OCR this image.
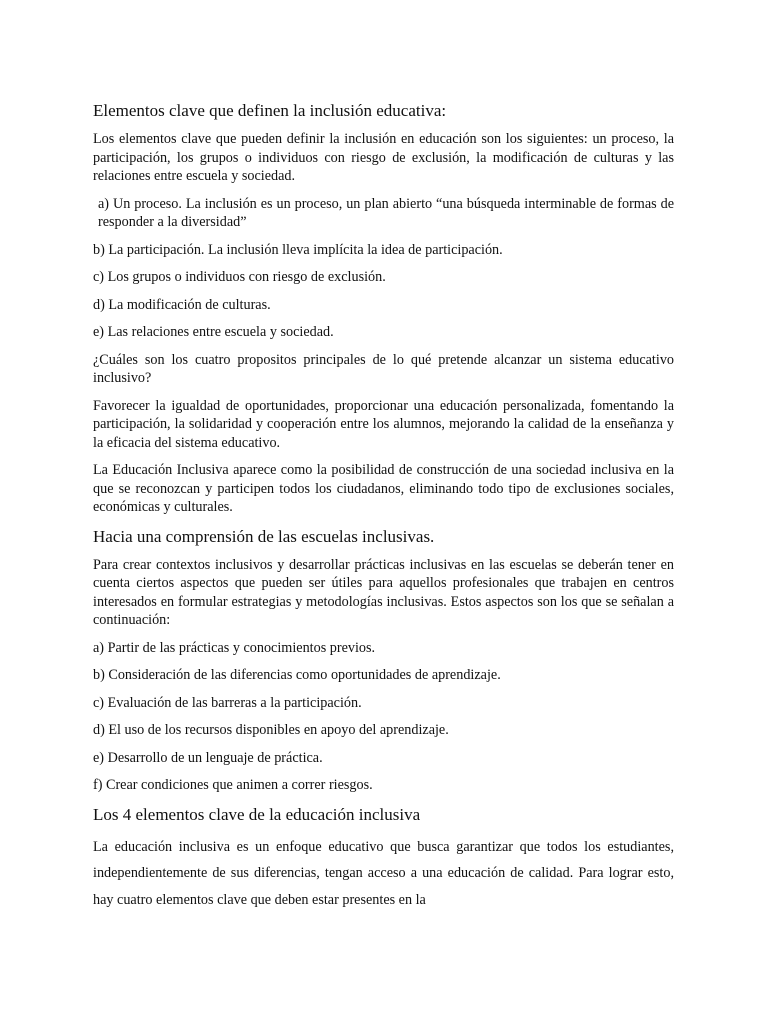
Elementos clave que definen la inclusión educativa:
Los elementos clave que pueden definir la inclusión en educación son los siguientes: un proceso, la participación, los grupos o individuos con riesgo de exclusión, la modificación de culturas y las relaciones entre escuela y sociedad.
a) Un proceso. La inclusión es un proceso, un plan abierto “una búsqueda interminable de formas de responder a la diversidad”
b) La participación. La inclusión lleva implícita la idea de participación.
c) Los grupos o individuos con riesgo de exclusión.
d) La modificación de culturas.
e) Las relaciones entre escuela y sociedad.
¿Cuáles son los cuatro propositos principales de lo qué pretende alcanzar un sistema educativo inclusivo?
Favorecer la igualdad de oportunidades, proporcionar una educación personalizada, fomentando la participación, la solidaridad y cooperación entre los alumnos, mejorando la calidad de la enseñanza y la eficacia del sistema educativo.
La Educación Inclusiva aparece como la posibilidad de construcción de una sociedad inclusiva en la que se reconozcan y participen todos los ciudadanos, eliminando todo tipo de exclusiones sociales, económicas y culturales.
Hacia una comprensión de las escuelas inclusivas.
Para crear contextos inclusivos y desarrollar prácticas inclusivas en las escuelas se deberán tener en cuenta ciertos aspectos que pueden ser útiles para aquellos profesionales que trabajen en centros interesados en formular estrategias y metodologías inclusivas. Estos aspectos son los que se señalan a continuación:
a) Partir de las prácticas y conocimientos previos.
b) Consideración de las diferencias como oportunidades de aprendizaje.
c) Evaluación de las barreras a la participación.
d) El uso de los recursos disponibles en apoyo del aprendizaje.
e) Desarrollo de un lenguaje de práctica.
f) Crear condiciones que animen a correr riesgos.
Los 4 elementos clave de la educación inclusiva
La educación inclusiva es un enfoque educativo que busca garantizar que todos los estudiantes, independientemente de sus diferencias, tengan acceso a una educación de calidad. Para lograr esto, hay cuatro elementos clave que deben estar presentes en la
